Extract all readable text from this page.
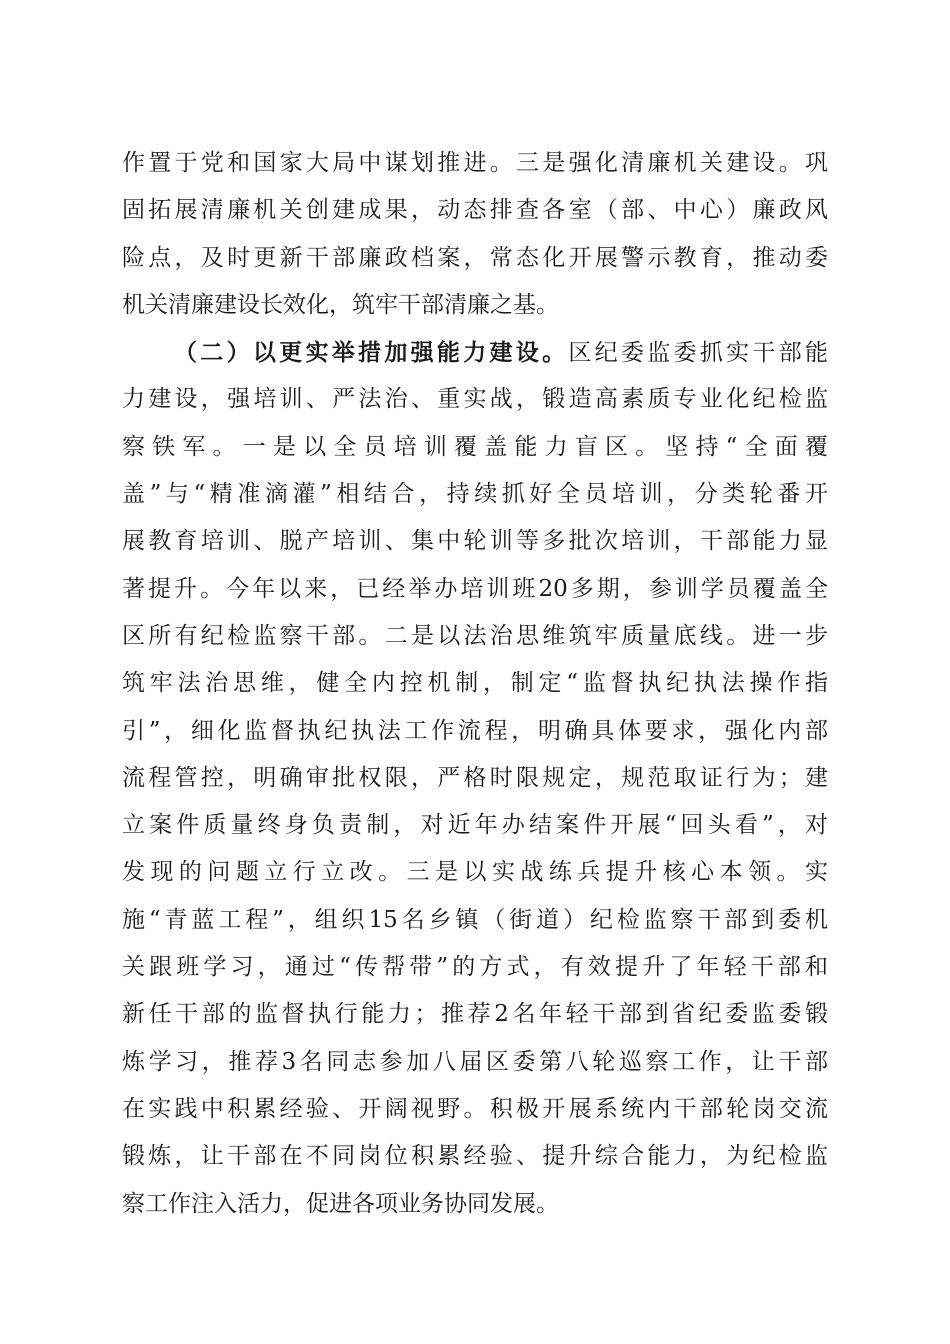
作置于党和国家大局中谋划推进。三是强化清廉机关建设。巩
固拓展清廉机关创建成果，动态排查各室（部、中心）廉政风
险点，及时更新干部廉政档案，常态化开展警示教育，推动委
机关清廉建设长效化，筑牢干部清廉之基。
（二）以更实举措加强能力建设。区纪委监委抓实干部能
力建设，强培训、严法治、重实战，锻造高素质专业化纪检监
察铁军。一是以全员培训覆盖能力盲区。坚持“全面覆
盖”与“精准滴灌”相结合，持续抓好全员培训，分类轮番开
展教育培训、脱产培训、集中轮训等多批次培训，干部能力显
著提升。今年以来，已经举办培训班20多期，参训学员覆盖全
区所有纪检监察干部。二是以法治思维筑牢质量底线。进一步
筑牢法治思维，健全内控机制，制定“监督执纪执法操作指
引”，细化监督执纪执法工作流程，明确具体要求，强化内部
流程管控，明确审批权限，严格时限规定，规范取证行为；建
立案件质量终身负责制，对近年办结案件开展“回头看”，对
发现的问题立行立改。三是以实战练兵提升核心本领。实
施“青蓝工程”，组织15名乡镇（街道）纪检监察干部到委机
关跟班学习，通过“传帮带”的方式，有效提升了年轻干部和
新任干部的监督执行能力；推荐2名年轻干部到省纪委监委锻
炼学习，推荐3名同志参加八届区委第八轮巡察工作，让干部
在实践中积累经验、开阔视野。积极开展系统内干部轮岗交流
锻炼，让干部在不同岗位积累经验、提升综合能力，为纪检监
察工作注入活力，促进各项业务协同发展。
